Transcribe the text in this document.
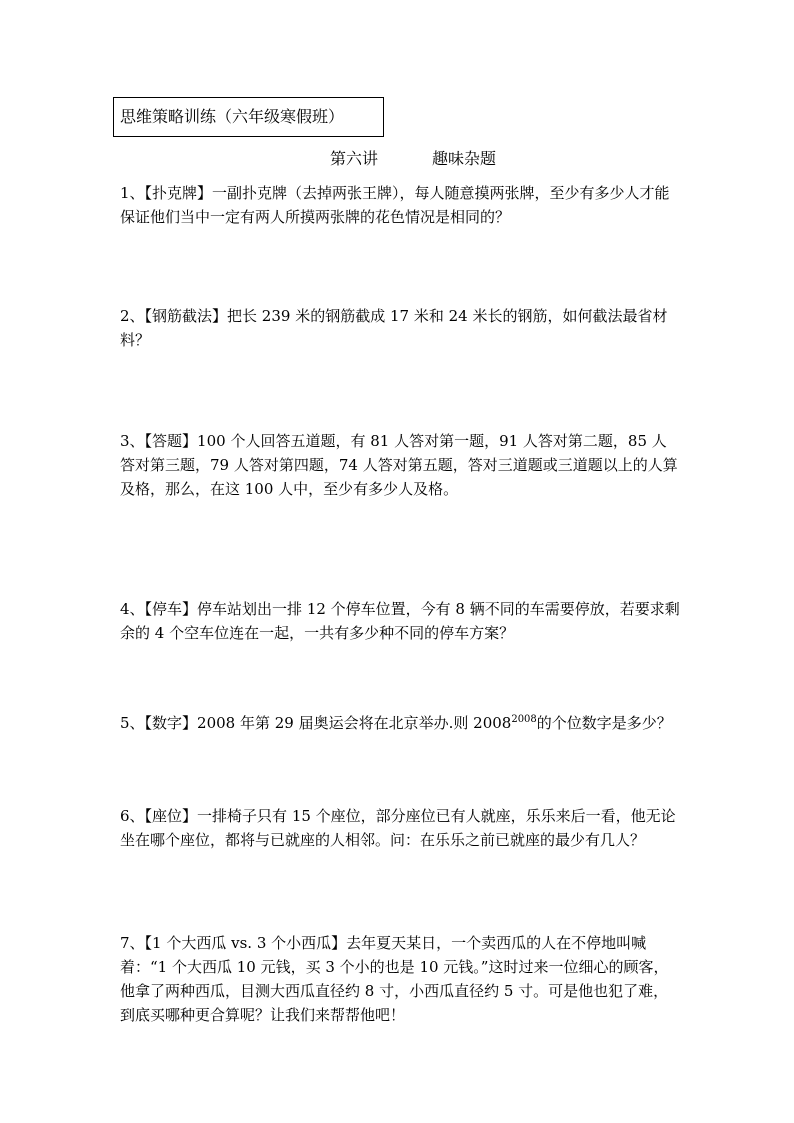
思维策略训练（六年级寒假班）
第六讲	趣味杂题

1、【扑克牌】一副扑克牌（去掉两张王牌），每人随意摸两张牌，至少有多少人才能保证他们当中一定有两人所摸两张牌的花色情况是相同的？

2、【钢筋截法】把长 239 米的钢筋截成 17 米和 24 米长的钢筋，如何截法最省材料？

3、【答题】100 个人回答五道题，有 81 人答对第一题，91 人答对第二题，85 人答对第三题，79 人答对第四题，74 人答对第五题，答对三道题或三道题以上的人算及格，那么，在这 100 人中，至少有多少人及格。

4、【停车】停车站划出一排 12 个停车位置，今有 8 辆不同的车需要停放，若要求剩余的 4 个空车位连在一起，一共有多少种不同的停车方案？

5、【数字】2008 年第 29 届奥运会将在北京举办.则 $2008^{2008}$的个位数字是多少？

6、【座位】一排椅子只有 15 个座位，部分座位已有人就座，乐乐来后一看，他无论坐在哪个座位，都将与已就座的人相邻。问：在乐乐之前已就座的最少有几人？

7、【1 个大西瓜 vs. 3 个小西瓜】去年夏天某日，一个卖西瓜的人在不停地叫喊着：“1 个大西瓜 10 元钱，买 3 个小的也是 10 元钱。”这时过来一位细心的顾客，他拿了两种西瓜，目测大西瓜直径约 8 寸，小西瓜直径约 5 寸。可是他也犯了难，到底买哪种更合算呢？让我们来帮帮他吧！
